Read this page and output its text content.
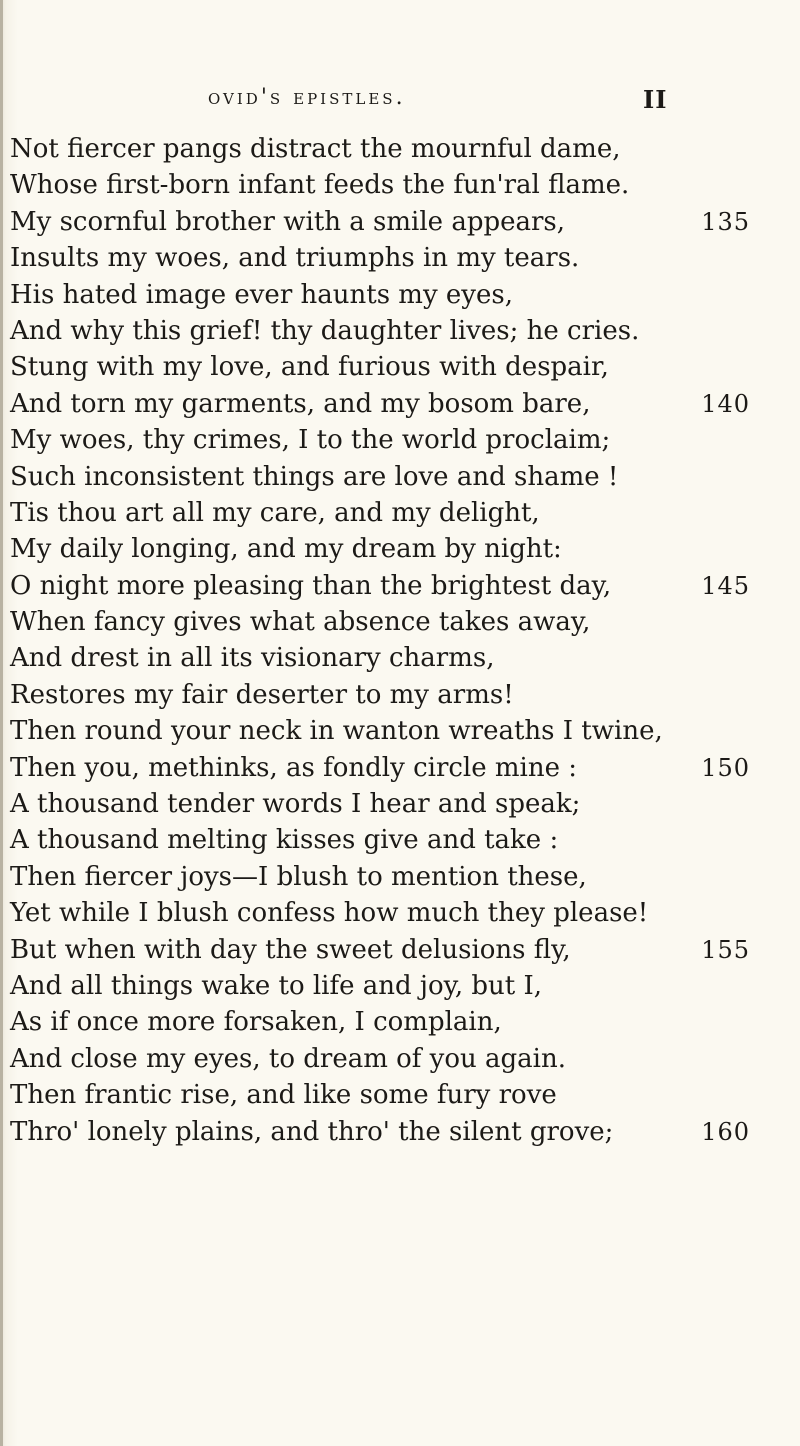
ovid's epistles.	II
Not fiercer pangs distract the mournful dame,
Whose first-born infant feeds the fun'ral flame.
My scornful brother with a smile appears,	135
Insults my woes, and triumphs in my tears.
His hated image ever haunts my eyes,
And why this grief! thy daughter lives; he cries.
Stung with my love, and furious with despair,
And torn my garments, and my bosom bare,	140
My woes, thy crimes, I to the world proclaim;
Such inconsistent things are love and shame !
Tis thou art all my care, and my delight,
My daily longing, and my dream by night:
O night more pleasing than the brightest day,	145
When fancy gives what absence takes away,
And drest in all its visionary charms,
Restores my fair deserter to my arms!
Then round your neck in wanton wreaths I twine,
Then you, methinks, as fondly circle mine :	150
A thousand tender words I hear and speak;
A thousand melting kisses give and take :
Then fiercer joys—I blush to mention these,
Yet while I blush confess how much they please!
But when with day the sweet delusions fly,	155
And all things wake to life and joy, but I,
As if once more forsaken, I complain,
And close my eyes, to dream of you again.
Then frantic rise, and like some fury rove
Thro' lonely plains, and thro' the silent grove;	160
